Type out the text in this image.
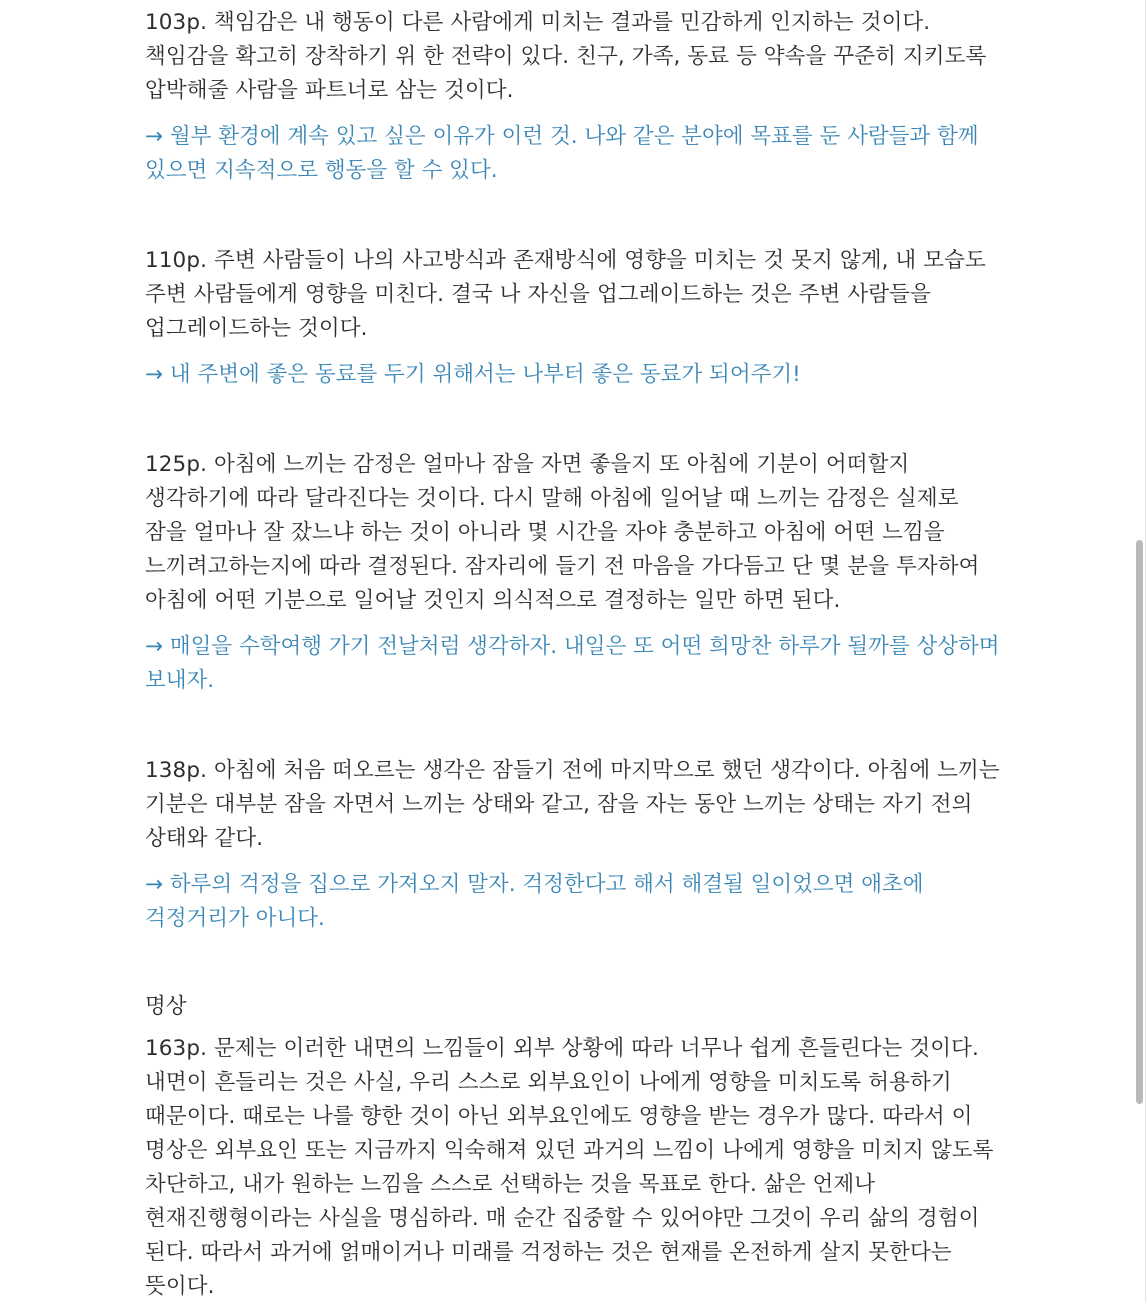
103p. 책임감은 내 행동이 다른 사람에게 미치는 결과를 민감하게 인지하는 것이다. 책임감을 확고히 장착하기 위 한 전략이 있다. 친구, 가족, 동료 등 약속을 꾸준히 지키도록 압박해줄 사람을 파트너로 삼는 것이다.

→ 월부 환경에 계속 있고 싶은 이유가 이런 것. 나와 같은 분야에 목표를 둔 사람들과 함께 있으면 지속적으로 행동을 할 수 있다.

110p. 주변 사람들이 나의 사고방식과 존재방식에 영향을 미치는 것 못지 않게, 내 모습도 주변 사람들에게 영향을 미친다. 결국 나 자신을 업그레이드하는 것은 주변 사람들을 업그레이드하는 것이다.

→ 내 주변에 좋은 동료를 두기 위해서는 나부터 좋은 동료가 되어주기!

125p. 아침에 느끼는 감정은 얼마나 잠을 자면 좋을지 또 아침에 기분이 어떠할지 생각하기에 따라 달라진다는 것이다. 다시 말해 아침에 일어날 때 느끼는 감정은 실제로 잠을 얼마나 잘 잤느냐 하는 것이 아니라 몇 시간을 자야 충분하고 아침에 어떤 느낌을 느끼려고하는지에 따라 결정된다. 잠자리에 들기 전 마음을 가다듬고 단 몇 분을 투자하여 아침에 어떤 기분으로 일어날 것인지 의식적으로 결정하는 일만 하면 된다.

→ 매일을 수학여행 가기 전날처럼 생각하자. 내일은 또 어떤 희망찬 하루가 될까를 상상하며 보내자.

138p. 아침에 처음 떠오르는 생각은 잠들기 전에 마지막으로 했던 생각이다. 아침에 느끼는 기분은 대부분 잠을 자면서 느끼는 상태와 같고, 잠을 자는 동안 느끼는 상태는 자기 전의 상태와 같다.

→ 하루의 걱정을 집으로 가져오지 말자. 걱정한다고 해서 해결될 일이었으면 애초에 걱정거리가 아니다.

명상

163p. 문제는 이러한 내면의 느낌들이 외부 상황에 따라 너무나 쉽게 흔들린다는 것이다. 내면이 흔들리는 것은 사실, 우리 스스로 외부요인이 나에게 영향을 미치도록 허용하기 때문이다. 때로는 나를 향한 것이 아닌 외부요인에도 영향을 받는 경우가 많다. 따라서 이 명상은 외부요인 또는 지금까지 익숙해져 있던 과거의 느낌이 나에게 영향을 미치지 않도록 차단하고, 내가 원하는 느낌을 스스로 선택하는 것을 목표로 한다. 삶은 언제나 현재진행형이라는 사실을 명심하라. 매 순간 집중할 수 있어야만 그것이 우리 삶의 경험이 된다. 따라서 과거에 얽매이거나 미래를 걱정하는 것은 현재를 온전하게 살지 못한다는 뜻이다.
